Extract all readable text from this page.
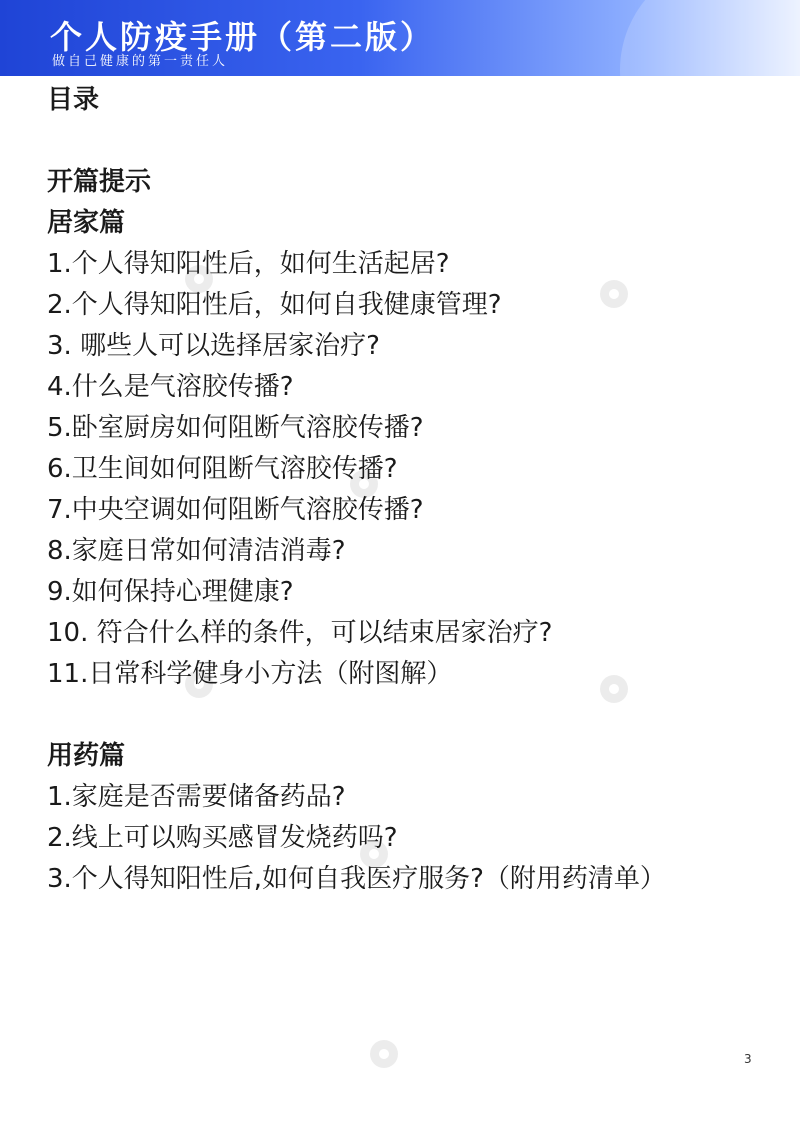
个人防疫手册（第二版）
做自己健康的第一责任人
目录
开篇提示
居家篇
1.个人得知阳性后，如何生活起居?
2.个人得知阳性后，如何自我健康管理?
3. 哪些人可以选择居家治疗?
4.什么是气溶胶传播?
5.卧室厨房如何阻断气溶胶传播?
6.卫生间如何阻断气溶胶传播?
7.中央空调如何阻断气溶胶传播?
8.家庭日常如何清洁消毒?
9.如何保持心理健康?
10. 符合什么样的条件，可以结束居家治疗?
11.日常科学健身小方法（附图解）
用药篇
1.家庭是否需要储备药品?
2.线上可以购买感冒发烧药吗?
3.个人得知阳性后,如何自我医疗服务?（附用药清单）
3
